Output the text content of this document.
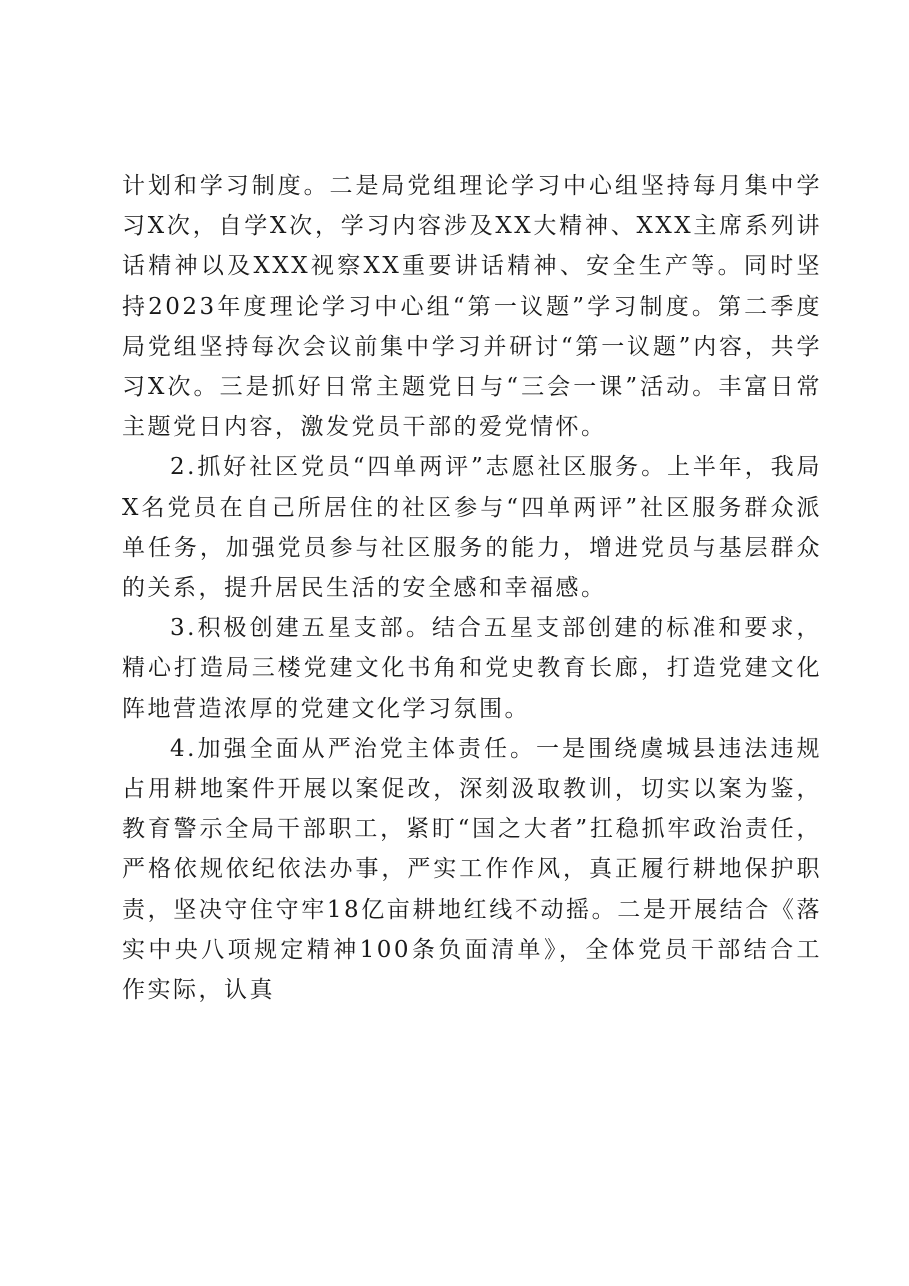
计划和学习制度。二是局党组理论学习中心组坚持每月集中学习X次，自学X次，学习内容涉及XX大精神、XXX主席系列讲话精神以及XXX视察XX重要讲话精神、安全生产等。同时坚持2023年度理论学习中心组“第一议题”学习制度。第二季度局党组坚持每次会议前集中学习并研讨“第一议题”内容，共学习X次。三是抓好日常主题党日与“三会一课”活动。丰富日常主题党日内容，激发党员干部的爱党情怀。

2.抓好社区党员“四单两评”志愿社区服务。上半年，我局X名党员在自己所居住的社区参与“四单两评”社区服务群众派单任务，加强党员参与社区服务的能力，增进党员与基层群众的关系，提升居民生活的安全感和幸福感。

3.积极创建五星支部。结合五星支部创建的标准和要求，精心打造局三楼党建文化书角和党史教育长廊，打造党建文化阵地营造浓厚的党建文化学习氛围。

4.加强全面从严治党主体责任。一是围绕虞城县违法违规占用耕地案件开展以案促改，深刻汲取教训，切实以案为鉴，教育警示全局干部职工，紧盯“国之大者”扛稳抓牢政治责任，严格依规依纪依法办事，严实工作作风，真正履行耕地保护职责，坚决守住守牢18亿亩耕地红线不动摇。二是开展结合《落实中央八项规定精神100条负面清单》，全体党员干部结合工作实际，认真
